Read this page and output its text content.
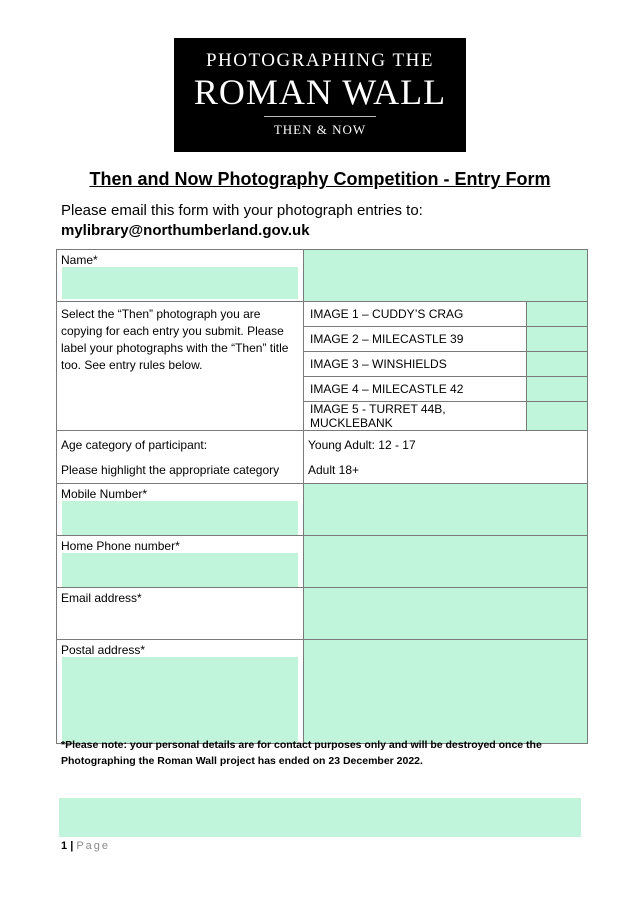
PHOTOGRAPHING THE
ROMAN WALL
THEN & NOW
Then and Now Photography Competition - Entry Form
Please email this form with your photograph entries to:
mylibrary@northumberland.gov.uk
Name*

Select the “Then” photograph you are copying for each entry you submit. Please label your photographs with the “Then” title too. See entry rules below.	
IMAGE 1 – CUDDY’S CRAG	
IMAGE 2 – MILECASTLE 39	
IMAGE 3 – WINSHIELDS	
IMAGE 4 – MILECASTLE 42	
IMAGE 5 - TURRET 44B, MUCKLEBANK	

Age category of participant:
Please highlight the appropriate category

Young Adult: 12 - 17
Adult 18+

Mobile Number*

Home Phone number*

Email address*

Postal address*

*Please note: your personal details are for contact purposes only and will be destroyed once the Photographing the Roman Wall project has ended on 23 December 2022.
1 | Page
